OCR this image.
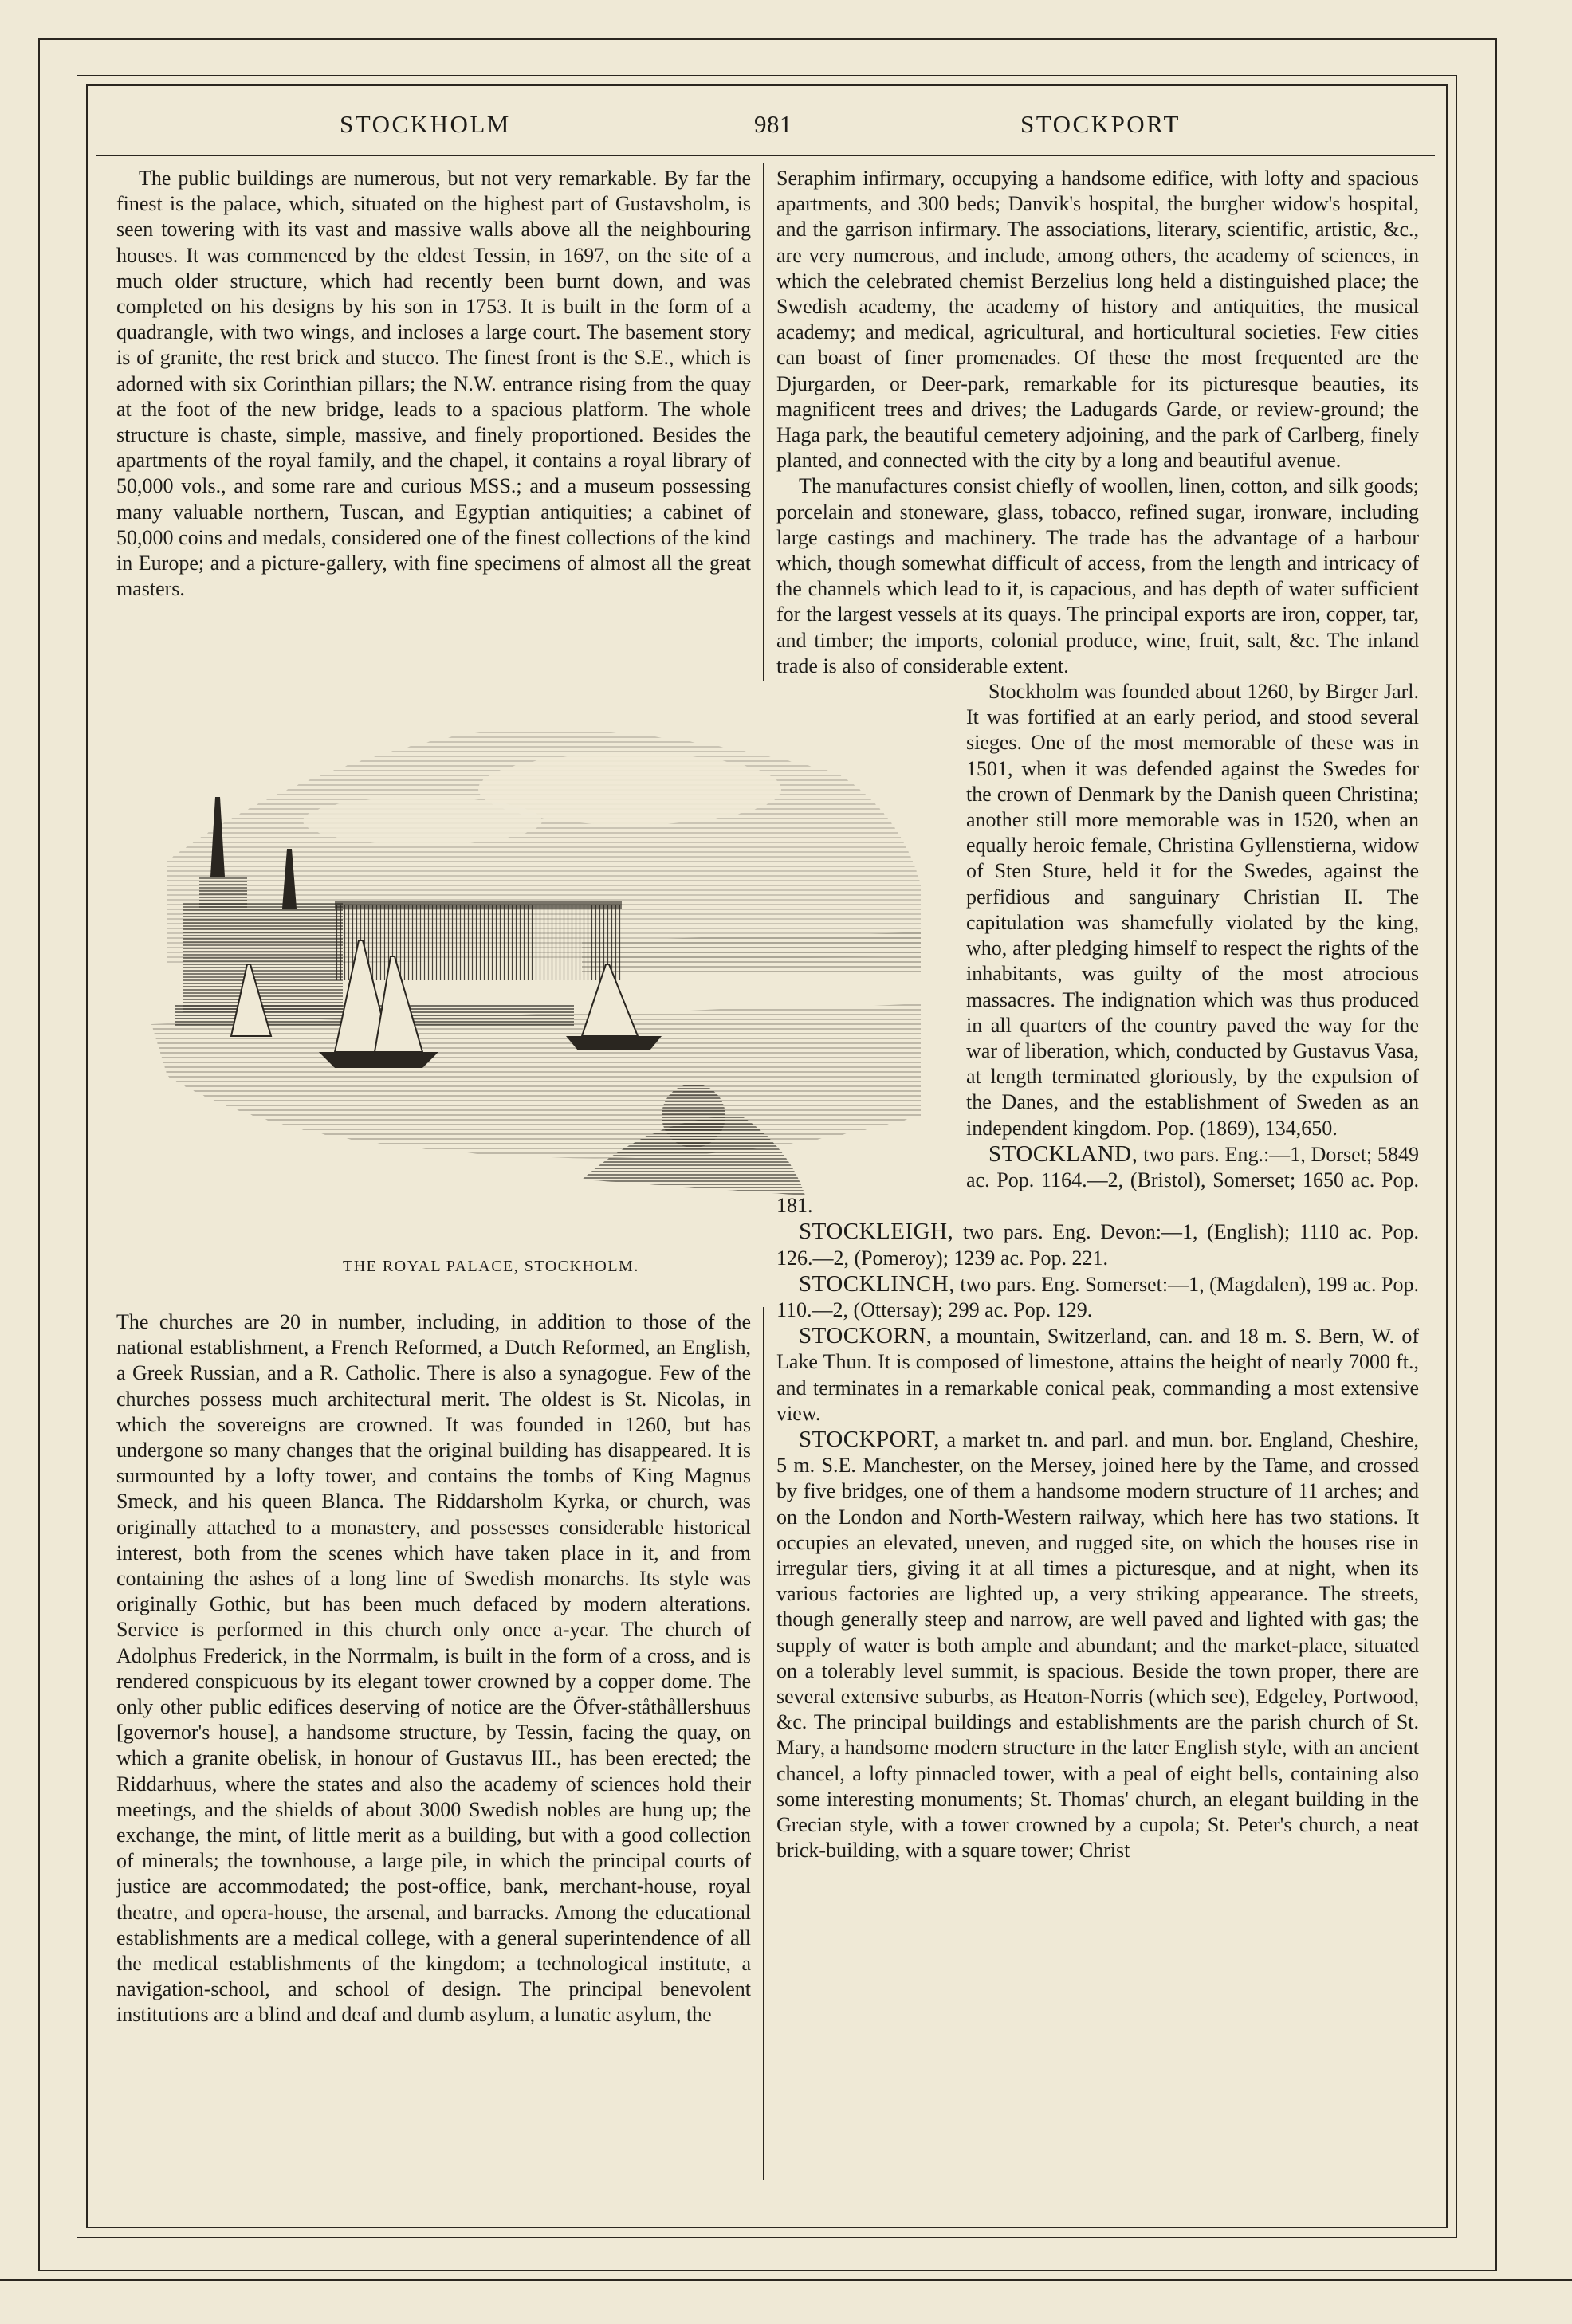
STOCKHOLM	981	STOCKPORT

The public buildings are numerous, but not very remarkable. By far the finest is the palace, which, situated on the highest part of Gustavsholm, is seen towering with its vast and massive walls above all the neighbouring houses. It was commenced by the eldest Tessin, in 1697, on the site of a much older structure, which had recently been burnt down, and was completed on his designs by his son in 1753. It is built in the form of a quadrangle, with two wings, and incloses a large court. The basement story is of granite, the rest brick and stucco. The finest front is the S.E., which is adorned with six Corinthian pillars; the N.W. entrance rising from the quay at the foot of the new bridge, leads to a spacious platform. The whole structure is chaste, simple, massive, and finely proportioned. Besides the apartments of the royal family, and the chapel, it contains a royal library of 50,000 vols., and some rare and curious MSS.; and a museum possessing many valuable northern, Tuscan, and Egyptian antiquities; a cabinet of 50,000 coins and medals, considered one of the finest collections of the kind in Europe; and a picture-gallery, with fine specimens of almost all the great masters.

THE ROYAL PALACE, STOCKHOLM.

The churches are 20 in number, including, in addition to those of the national establishment, a French Reformed, a Dutch Reformed, an English, a Greek Russian, and a R. Catholic. There is also a synagogue. Few of the churches possess much architectural merit. The oldest is St. Nicolas, in which the sovereigns are crowned. It was founded in 1260, but has undergone so many changes that the original building has disappeared. It is surmounted by a lofty tower, and contains the tombs of King Magnus Smeck, and his queen Blanca. The Riddarsholm Kyrka, or church, was originally attached to a monastery, and possesses considerable historical interest, both from the scenes which have taken place in it, and from containing the ashes of a long line of Swedish monarchs. Its style was originally Gothic, but has been much defaced by modern alterations. Service is performed in this church only once a-year. The church of Adolphus Frederick, in the Norrmalm, is built in the form of a cross, and is rendered conspicuous by its elegant tower crowned by a copper dome. The only other public edifices deserving of notice are the Öfver-ståthållershuus [governor's house], a handsome structure, by Tessin, facing the quay, on which a granite obelisk, in honour of Gustavus III., has been erected; the Riddarhuus, where the states and also the academy of sciences hold their meetings, and the shields of about 3000 Swedish nobles are hung up; the exchange, the mint, of little merit as a building, but with a good collection of minerals; the townhouse, a large pile, in which the principal courts of justice are accommodated; the post-office, bank, merchant-house, royal theatre, and opera-house, the arsenal, and barracks. Among the educational establishments are a medical college, with a general superintendence of all the medical establishments of the kingdom; a technological institute, a navigation-school, and school of design. The principal benevolent institutions are a blind and deaf and dumb asylum, a lunatic asylum, the

Seraphim infirmary, occupying a handsome edifice, with lofty and spacious apartments, and 300 beds; Danvik's hospital, the burgher widow's hospital, and the garrison infirmary. The associations, literary, scientific, artistic, &c., are very numerous, and include, among others, the academy of sciences, in which the celebrated chemist Berzelius long held a distinguished place; the Swedish academy, the academy of history and antiquities, the musical academy; and medical, agricultural, and horticultural societies. Few cities can boast of finer promenades. Of these the most frequented are the Djurgarden, or Deer-park, remarkable for its picturesque beauties, its magnificent trees and drives; the Ladugards Garde, or review-ground; the Haga park, the beautiful cemetery adjoining, and the park of Carlberg, finely planted, and connected with the city by a long and beautiful avenue.

The manufactures consist chiefly of woollen, linen, cotton, and silk goods; porcelain and stoneware, glass, tobacco, refined sugar, ironware, including large castings and machinery. The trade has the advantage of a harbour which, though somewhat difficult of access, from the length and intricacy of the channels which lead to it, is capacious, and has depth of water sufficient for the largest vessels at its quays. The principal exports are iron, copper, tar, and timber; the imports, colonial produce, wine, fruit, salt, &c. The inland trade is also of considerable extent.

Stockholm was founded about 1260, by Birger Jarl. It was fortified at an early period, and stood several sieges. One of the most memorable of these was in 1501, when it was defended against the Swedes for the crown of Denmark by the Danish queen Christina; another still more memorable was in 1520, when an equally heroic female, Christina Gyllenstierna, widow of Sten Sture, held it for the Swedes, against the perfidious and sanguinary Christian II. The capitulation was shamefully violated by the king, who, after pledging himself to respect the rights of the inhabitants, was guilty of the most atrocious massacres. The indignation which was thus produced in all quarters of the country paved the way for the war of liberation, which, conducted by Gustavus Vasa, at length terminated gloriously, by the expulsion of the Danes, and the establishment of Sweden as an independent kingdom. Pop. (1869), 134,650.

STOCKLAND, two pars. Eng.:—1, Dorset; 5849 ac. Pop. 1164.—2, (Bristol), Somerset; 1650 ac. Pop. 181.

STOCKLEIGH, two pars. Eng. Devon:—1, (English); 1110 ac. Pop. 126.—2, (Pomeroy); 1239 ac. Pop. 221.

STOCKLINCH, two pars. Eng. Somerset:—1, (Magdalen), 199 ac. Pop. 110.—2, (Ottersay); 299 ac. Pop. 129.

STOCKORN, a mountain, Switzerland, can. and 18 m. S. Bern, W. of Lake Thun. It is composed of limestone, attains the height of nearly 7000 ft., and terminates in a remarkable conical peak, commanding a most extensive view.

STOCKPORT, a market tn. and parl. and mun. bor. England, Cheshire, 5 m. S.E. Manchester, on the Mersey, joined here by the Tame, and crossed by five bridges, one of them a handsome modern structure of 11 arches; and on the London and North-Western railway, which here has two stations. It occupies an elevated, uneven, and rugged site, on which the houses rise in irregular tiers, giving it at all times a picturesque, and at night, when its various factories are lighted up, a very striking appearance. The streets, though generally steep and narrow, are well paved and lighted with gas; the supply of water is both ample and abundant; and the market-place, situated on a tolerably level summit, is spacious. Beside the town proper, there are several extensive suburbs, as Heaton-Norris (which see), Edgeley, Portwood, &c. The principal buildings and establishments are the parish church of St. Mary, a handsome modern structure in the later English style, with an ancient chancel, a lofty pinnacled tower, with a peal of eight bells, containing also some interesting monuments; St. Thomas' church, an elegant building in the Grecian style, with a tower crowned by a cupola; St. Peter's church, a neat brick-building, with a square tower; Christ
